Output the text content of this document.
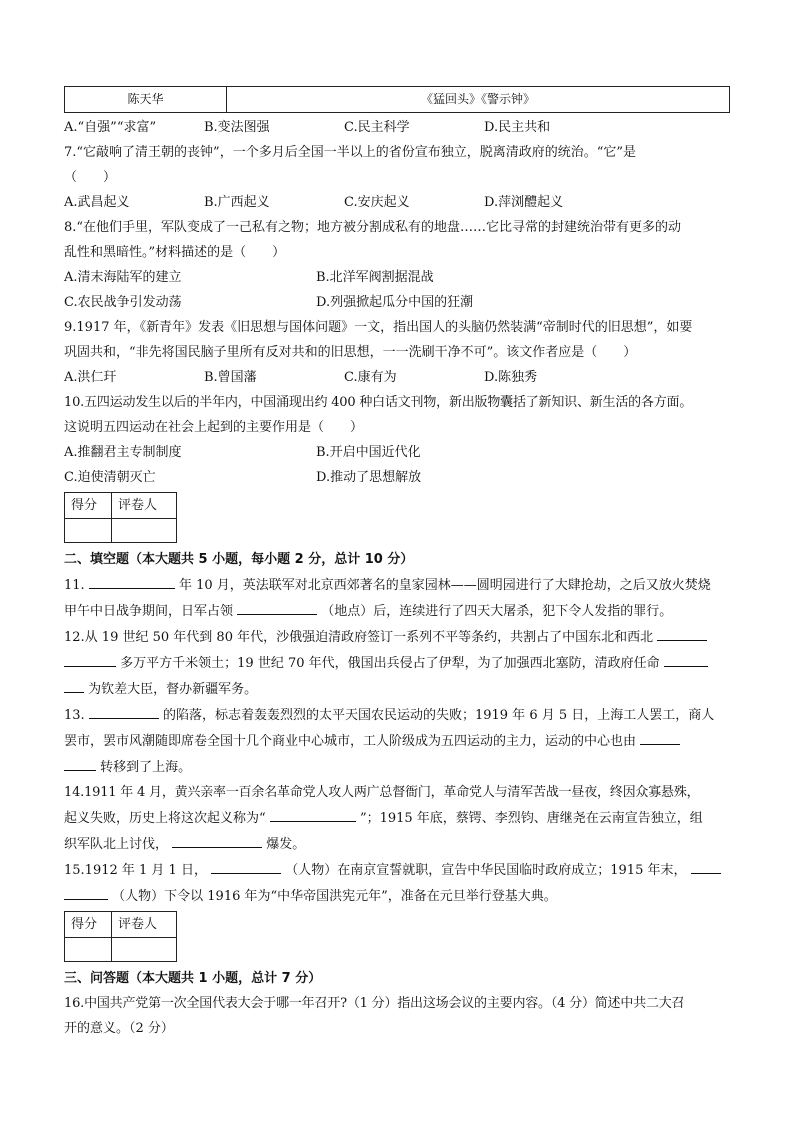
陈天华	《猛回头》《警示钟》
A.“自强”“求富”	B.变法图强	C.民主科学	D.民主共和
7.“它敲响了清王朝的丧钟”，一个多月后全国一半以上的省份宣布独立，脱离清政府的统治。“它”是
（　　）
A.武昌起义	B.广西起义	C.安庆起义	D.萍浏醴起义
8.“在他们手里，军队变成了一己私有之物；地方被分割成私有的地盘……它比寻常的封建统治带有更多的动
乱性和黑暗性。”材料描述的是（　　）
A.清末海陆军的建立	B.北洋军阀割据混战
C.农民战争引发动荡	D.列强掀起瓜分中国的狂潮
9.1917 年，《新青年》发表《旧思想与国体问题》一文，指出国人的头脑仍然装满“帝制时代的旧思想”，如要
巩固共和，“非先将国民脑子里所有反对共和的旧思想，一一洗刷干净不可”。该文作者应是（　　）
A.洪仁玕	B.曾国藩	C.康有为	D.陈独秀
10.五四运动发生以后的半年内，中国涌现出约 400 种白话文刊物，新出版物囊括了新知识、新生活的各方面。
这说明五四运动在社会上起到的主要作用是（　　）
A.推翻君主专制制度	B.开启中国近代化
C.迫使清朝灭亡	D.推动了思想解放
得分	评卷人

二、填空题（本大题共 5 小题，每小题 2 分，总计 10 分）
11.	年 10 月，英法联军对北京西郊著名的皇家园林——圆明园进行了大肆抢劫，之后又放火焚烧
甲午中日战争期间，日军占领	（地点）后，连续进行了四天大屠杀，犯下令人发指的罪行。
12.从 19 世纪 50 年代到 80 年代，沙俄强迫清政府签订一系列不平等条约，共割占了中国东北和西北
多万平方千米领土；19 世纪 70 年代，俄国出兵侵占了伊犁，为了加强西北塞防，清政府任命
为钦差大臣，督办新疆军务。
13.	的陷落，标志着轰轰烈烈的太平天国农民运动的失败；1919 年 6 月 5 日，上海工人罢工，商人
罢市，罢市风潮随即席卷全国十几个商业中心城市，工人阶级成为五四运动的主力，运动的中心也由
转移到了上海。
14.1911 年 4 月，黄兴亲率一百余名革命党人攻人两广总督衙门，革命党人与清军苦战一昼夜，终因众寡悬殊，
起义失败，历史上将这次起义称为“	”；1915 年底，蔡锷、李烈钧、唐继尧在云南宣告独立，组
织军队北上讨伐，	爆发。
15.1912 年 1 月 1 日，	（人物）在南京宣誓就职，宣告中华民国临时政府成立；1915 年末，
（人物）下令以 1916 年为“中华帝国洪宪元年”，准备在元旦举行登基大典。
得分	评卷人

三、问答题（本大题共 1 小题，总计 7 分）
16.中国共产党第一次全国代表大会于哪一年召开?（1 分）指出这场会议的主要内容。（4 分）简述中共二大召
开的意义。（2 分）
